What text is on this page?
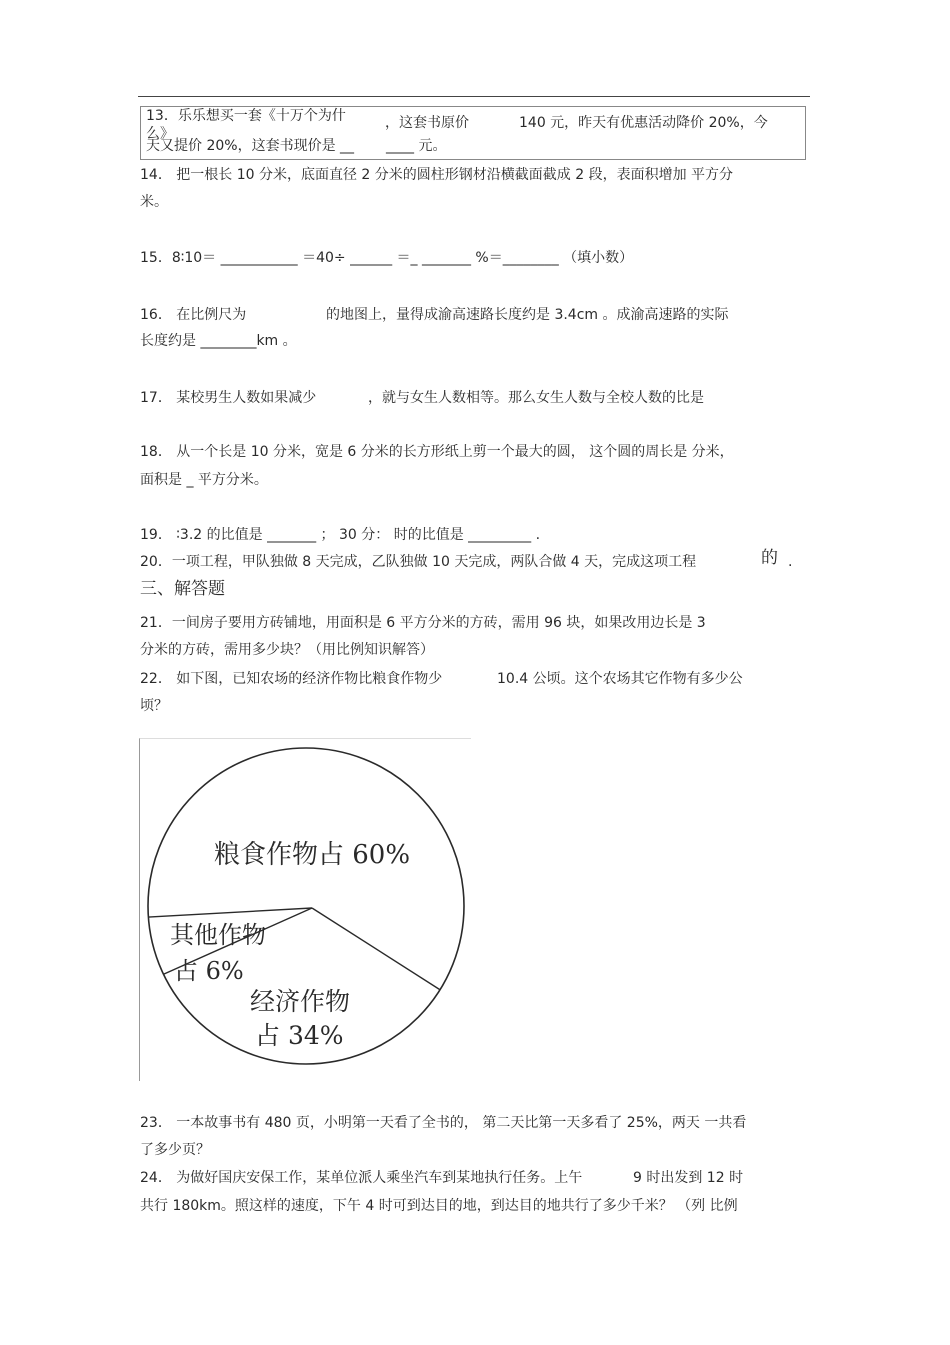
13．乐乐想买一套《十万个为什	，这套书原价	140 元，昨天有优惠活动降价 20%，今
么》
天又提价 20%，这套书现价是 __ ____ 元。
14． 把一根长 10 分米，底面直径 2 分米的圆柱形钢材沿横截面截成 2 段，表面积增加 平方分
米。
15．8∶10＝ ___________ ＝40÷ ______ ＝_ _______ %＝________ （填小数）
16． 在比例尺为	的地图上，量得成渝高速路长度约是 3.4cm 。成渝高速路的实际
长度约是 ________km 。
17． 某校男生人数如果减少	，就与女生人数相等。那么女生人数与全校人数的比是
18． 从一个长是 10 分米，宽是 6 分米的长方形纸上剪一个最大的圆， 这个圆的周长是 分米，
面积是 _ 平方分米。
19． ∶3.2 的比值是 _______ ； 30 分： 时的比值是 _________ .
20．一项工程，甲队独做 8 天完成，乙队独做 10 天完成，两队合做 4 天，完成这项工程	的 .
三、解答题
21．一间房子要用方砖铺地，用面积是 6 平方分米的方砖，需用 96 块，如果改用边长是 3
分米的方砖，需用多少块？（用比例知识解答）
22． 如下图，已知农场的经济作物比粮食作物少	10.4 公顷。这个农场其它作物有多少公
顷？
粮食作物占 60%
经济作物
占 34%
其他作物
占 6%
23． 一本故事书有 480 页，小明第一天看了全书的， 第二天比第一天多看了 25%，两天 一共看
了多少页？
24． 为做好国庆安保工作，某单位派人乘坐汽车到某地执行任务。上午	9 时出发到 12 时
共行 180km。照这样的速度，下午 4 时可到达目的地，到达目的地共行了多少千米？ （列 比例
